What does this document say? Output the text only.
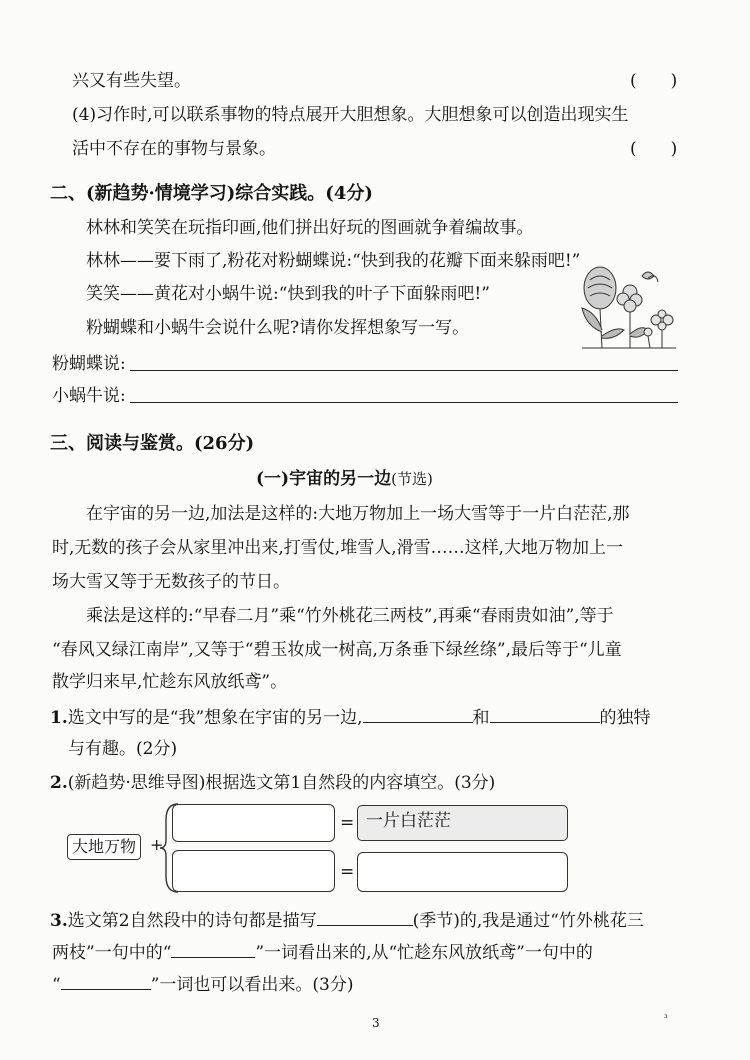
兴又有些失望。	(　　)
(4)习作时,可以联系事物的特点展开大胆想象。大胆想象可以创造出现实生
活中不存在的事物与景象。	(　　)
二、(新趋势·情境学习)综合实践。(4分)
林林和笑笑在玩指印画,他们拼出好玩的图画就争着编故事。
林林——要下雨了,粉花对粉蝴蝶说:“快到我的花瓣下面来躲雨吧!”
笑笑——黄花对小蜗牛说:“快到我的叶子下面躲雨吧!”
粉蝴蝶和小蜗牛会说什么呢?请你发挥想象写一写。
粉蝴蝶说:
小蜗牛说:
三、阅读与鉴赏。(26分)
(一)宇宙的另一边(节选)
在宇宙的另一边,加法是这样的:大地万物加上一场大雪等于一片白茫茫,那
时,无数的孩子会从家里冲出来,打雪仗,堆雪人,滑雪……这样,大地万物加上一
场大雪又等于无数孩子的节日。
乘法是这样的:“早春二月”乘“竹外桃花三两枝”,再乘“春雨贵如油”,等于
“春风又绿江南岸”,又等于“碧玉妆成一树高,万条垂下绿丝绦”,最后等于“儿童
散学归来早,忙趁东风放纸鸢”。
1.选文中写的是“我”想象在宇宙的另一边,	和	的独特
与有趣。(2分)
2.(新趋势·思维导图)根据选文第1自然段的内容填空。(3分)
大地万物 +
=
=
一片白茫茫
3.选文第2自然段中的诗句都是描写	(季节)的,我是通过“竹外桃花三
两枝”一句中的“	”一词看出来的,从“忙趁东风放纸鸢”一句中的
“	”一词也可以看出来。(3分)
3	³
